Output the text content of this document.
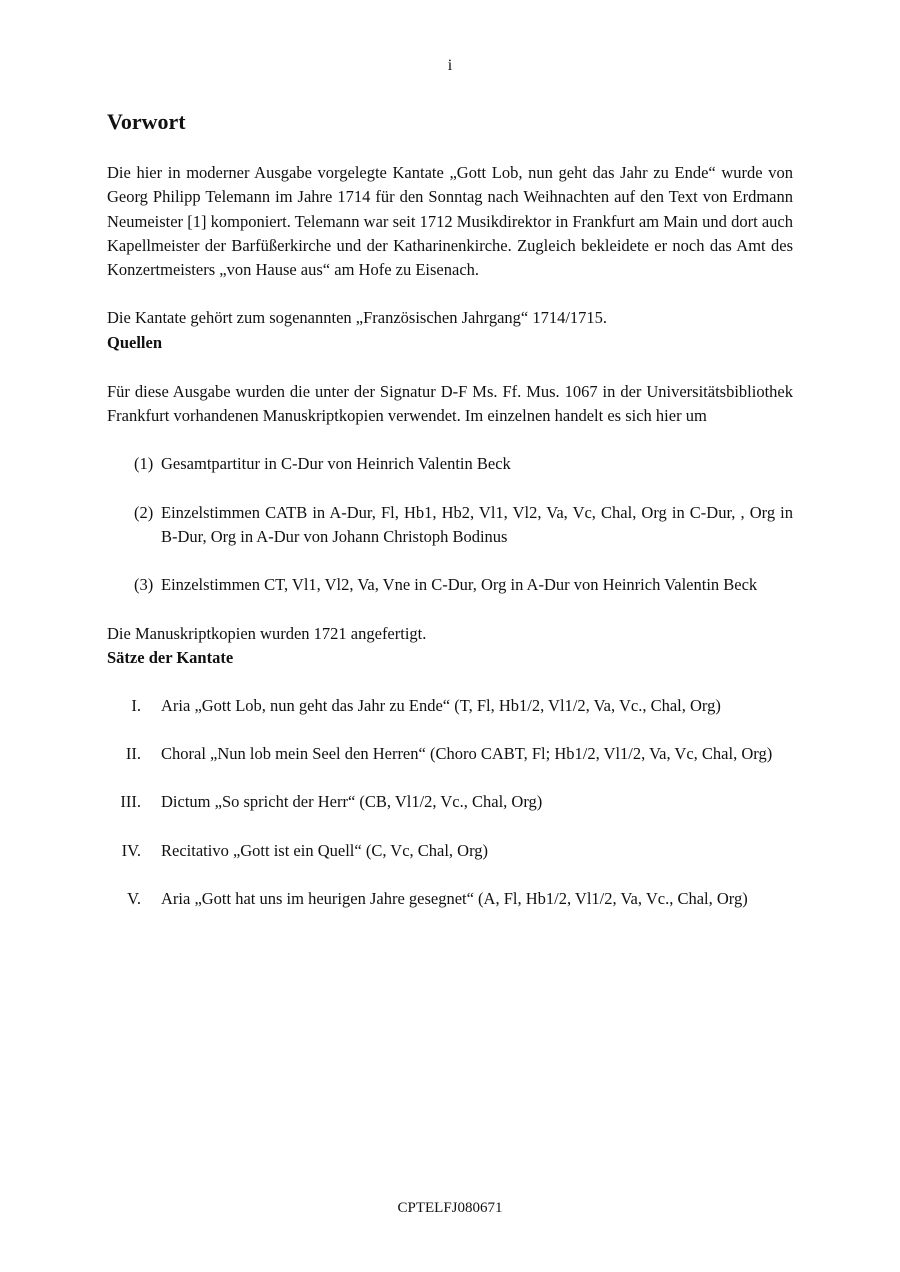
i
Vorwort

Die hier in moderner Ausgabe vorgelegte Kantate „Gott Lob, nun geht das Jahr zu Ende“ wurde von Georg Philipp Telemann im Jahre 1714 für den Sonntag nach Weihnachten auf den Text von Erdmann Neumeister [1] komponiert. Telemann war seit 1712 Musikdirektor in Frankfurt am Main und dort auch Kapellmeister der Barfüßerkirche und der Katharinenkirche. Zugleich bekleidete er noch das Amt des Konzertmeisters „von Hause aus“ am Hofe zu Eisenach.

Die Kantate gehört zum sogenannten „Französischen Jahrgang“ 1714/1715.

Quellen

Für diese Ausgabe wurden die unter der Signatur D-F Ms. Ff. Mus. 1067 in der Universitätsbibliothek Frankfurt vorhandenen Manuskriptkopien verwendet. Im einzelnen handelt es sich hier um

(1) Gesamtpartitur in C-Dur von Heinrich Valentin Beck
(2) Einzelstimmen CATB in A-Dur, Fl, Hb1, Hb2, Vl1, Vl2, Va, Vc, Chal, Org in C-Dur, , Org in B-Dur, Org in A-Dur von Johann Christoph Bodinus
(3) Einzelstimmen CT, Vl1, Vl2, Va, Vne in C-Dur, Org in A-Dur von Heinrich Valentin Beck

Die Manuskriptkopien wurden 1721 angefertigt.

Sätze der Kantate
I.	Aria „Gott Lob, nun geht das Jahr zu Ende“ (T, Fl, Hb1/2, Vl1/2, Va, Vc., Chal, Org)
II.	Choral „Nun lob mein Seel den Herren“ (Choro CABT, Fl; Hb1/2, Vl1/2, Va, Vc, Chal, Org)
III.	Dictum „So spricht der Herr“ (CB, Vl1/2, Vc., Chal, Org)
IV.	Recitativo „Gott ist ein Quell“ (C, Vc, Chal, Org)
V.	Aria „Gott hat uns im heurigen Jahre gesegnet“ (A, Fl, Hb1/2, Vl1/2, Va, Vc., Chal, Org)
CPTELFJ080671
